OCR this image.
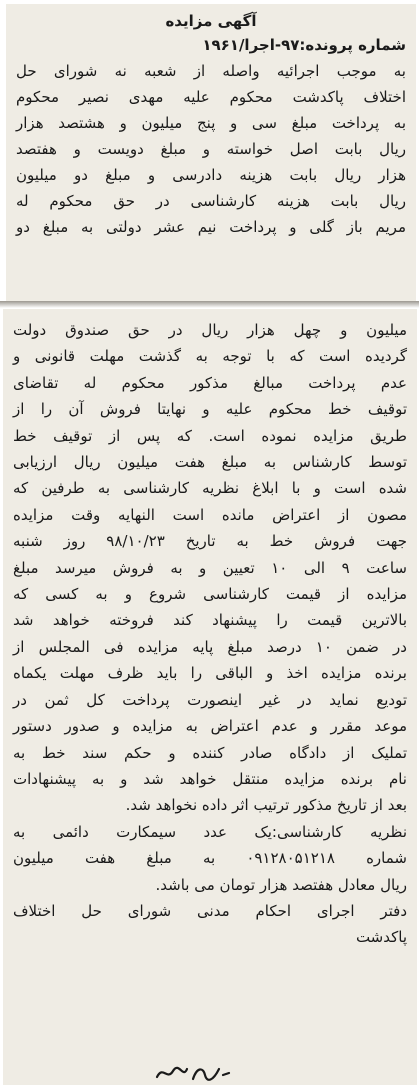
آگهی مزایده
شماره پرونده:۹۷-اجرا/۱۹۶۱
به موجب اجرائیه واصله از شعبه نه شورای حل
اختلاف پاکدشت محکوم علیه مهدی نصیر محکوم
به پرداخت مبلغ سی و پنج میلیون و هشتصد هزار
ریال بابت اصل خواسته و مبلغ دویست و هفتصد
هزار ریال بابت هزینه دادرسی و مبلغ دو میلیون
ریال بابت هزینه کارشناسی در حق محکوم له
مریم باز گلی و پرداخت نیم عشر دولتی به مبلغ دو
میلیون و چهل هزار ریال در حق صندوق دولت
گردیده است که با توجه به گذشت مهلت قانونی و
عدم پرداخت مبالغ مذکور محکوم له تقاضای
توقیف خط محکوم علیه و نهایتا فروش آن را از
طریق مزایده نموده است. که پس از توقیف خط
توسط کارشناس به مبلغ هفت میلیون ریال ارزیابی
شده است و با ابلاغ نظریه کارشناسی به طرفین که
مصون از اعتراض مانده است النهایه وقت مزایده
جهت فروش خط به تاریخ ۹۸/۱۰/۲۳ روز شنبه
ساعت ۹ الی ۱۰ تعیین و به فروش میرسد مبلغ
مزایده از قیمت کارشناسی شروع و به کسی که
بالاترین قیمت را پیشنهاد کند فروخته خواهد شد
در ضمن ۱۰ درصد مبلغ پایه مزایده فی المجلس از
برنده مزایده اخذ و الباقی را باید ظرف مهلت یکماه
تودیع نماید در غیر اینصورت پرداخت کل ثمن در
موعد مقرر و عدم اعتراض به مزایده و صدور دستور
تملیک از دادگاه صادر کننده و حکم سند خط به
نام برنده مزایده منتقل خواهد شد و به پیشنهادات
بعد از تاریخ مذکور ترتیب اثر داده نخواهد شد.
نظریه کارشناسی:یک عدد سیمکارت دائمی به
شماره ۰۹۱۲۸۰۵۱۲۱۸ به مبلغ هفت میلیون
ریال معادل هفتصد هزار تومان می باشد.
دفتر اجرای احکام مدنی شورای حل اختلاف
پاکدشت
